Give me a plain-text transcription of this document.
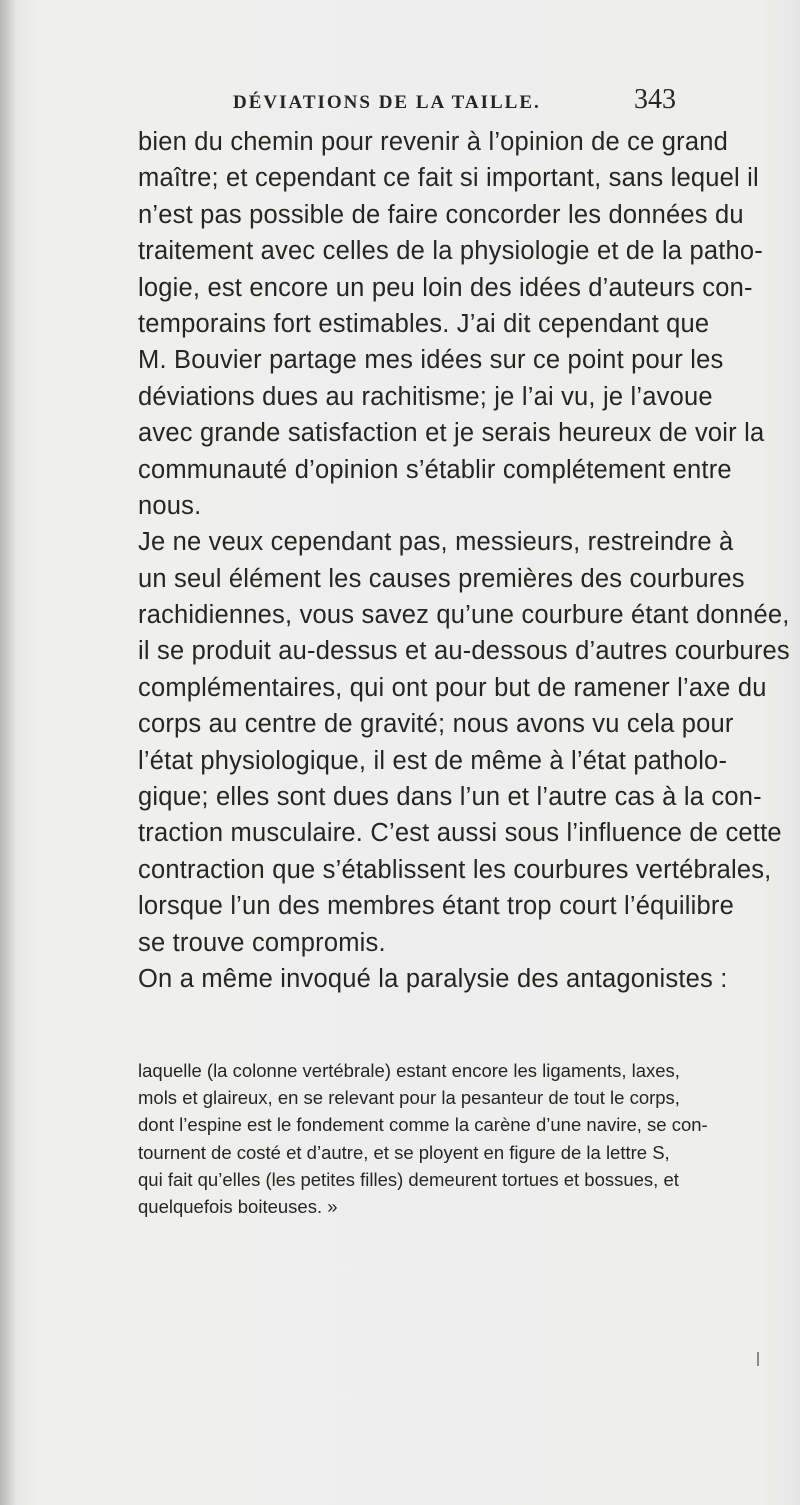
DÉVIATIONS DE LA TAILLE.	343
bien du chemin pour revenir à l’opinion de ce grand
maître; et cependant ce fait si important, sans lequel il
n’est pas possible de faire concorder les données du
traitement avec celles de la physiologie et de la patho-
logie, est encore un peu loin des idées d’auteurs con-
temporains fort estimables. J’ai dit cependant que
M. Bouvier partage mes idées sur ce point pour les
déviations dues au rachitisme; je l’ai vu, je l’avoue
avec grande satisfaction et je serais heureux de voir la
communauté d’opinion s’établir complétement entre
nous.
Je ne veux cependant pas, messieurs, restreindre à
un seul élément les causes premières des courbures
rachidiennes, vous savez qu’une courbure étant donnée,
il se produit au-dessus et au-dessous d’autres courbures
complémentaires, qui ont pour but de ramener l’axe du
corps au centre de gravité; nous avons vu cela pour
l’état physiologique, il est de même à l’état patholo-
gique; elles sont dues dans l’un et l’autre cas à la con-
traction musculaire. C’est aussi sous l’influence de cette
contraction que s’établissent les courbures vertébrales,
lorsque l’un des membres étant trop court l’équilibre
se trouve compromis.
On a même invoqué la paralysie des antagonistes :
laquelle (la colonne vertébrale) estant encore les ligaments, laxes,
mols et glaireux, en se relevant pour la pesanteur de tout le corps,
dont l’espine est le fondement comme la carène d’une navire, se con-
tournent de costé et d’autre, et se ployent en figure de la lettre S,
qui fait qu’elles (les petites filles) demeurent tortues et bossues, et
quelquefois boiteuses. »
